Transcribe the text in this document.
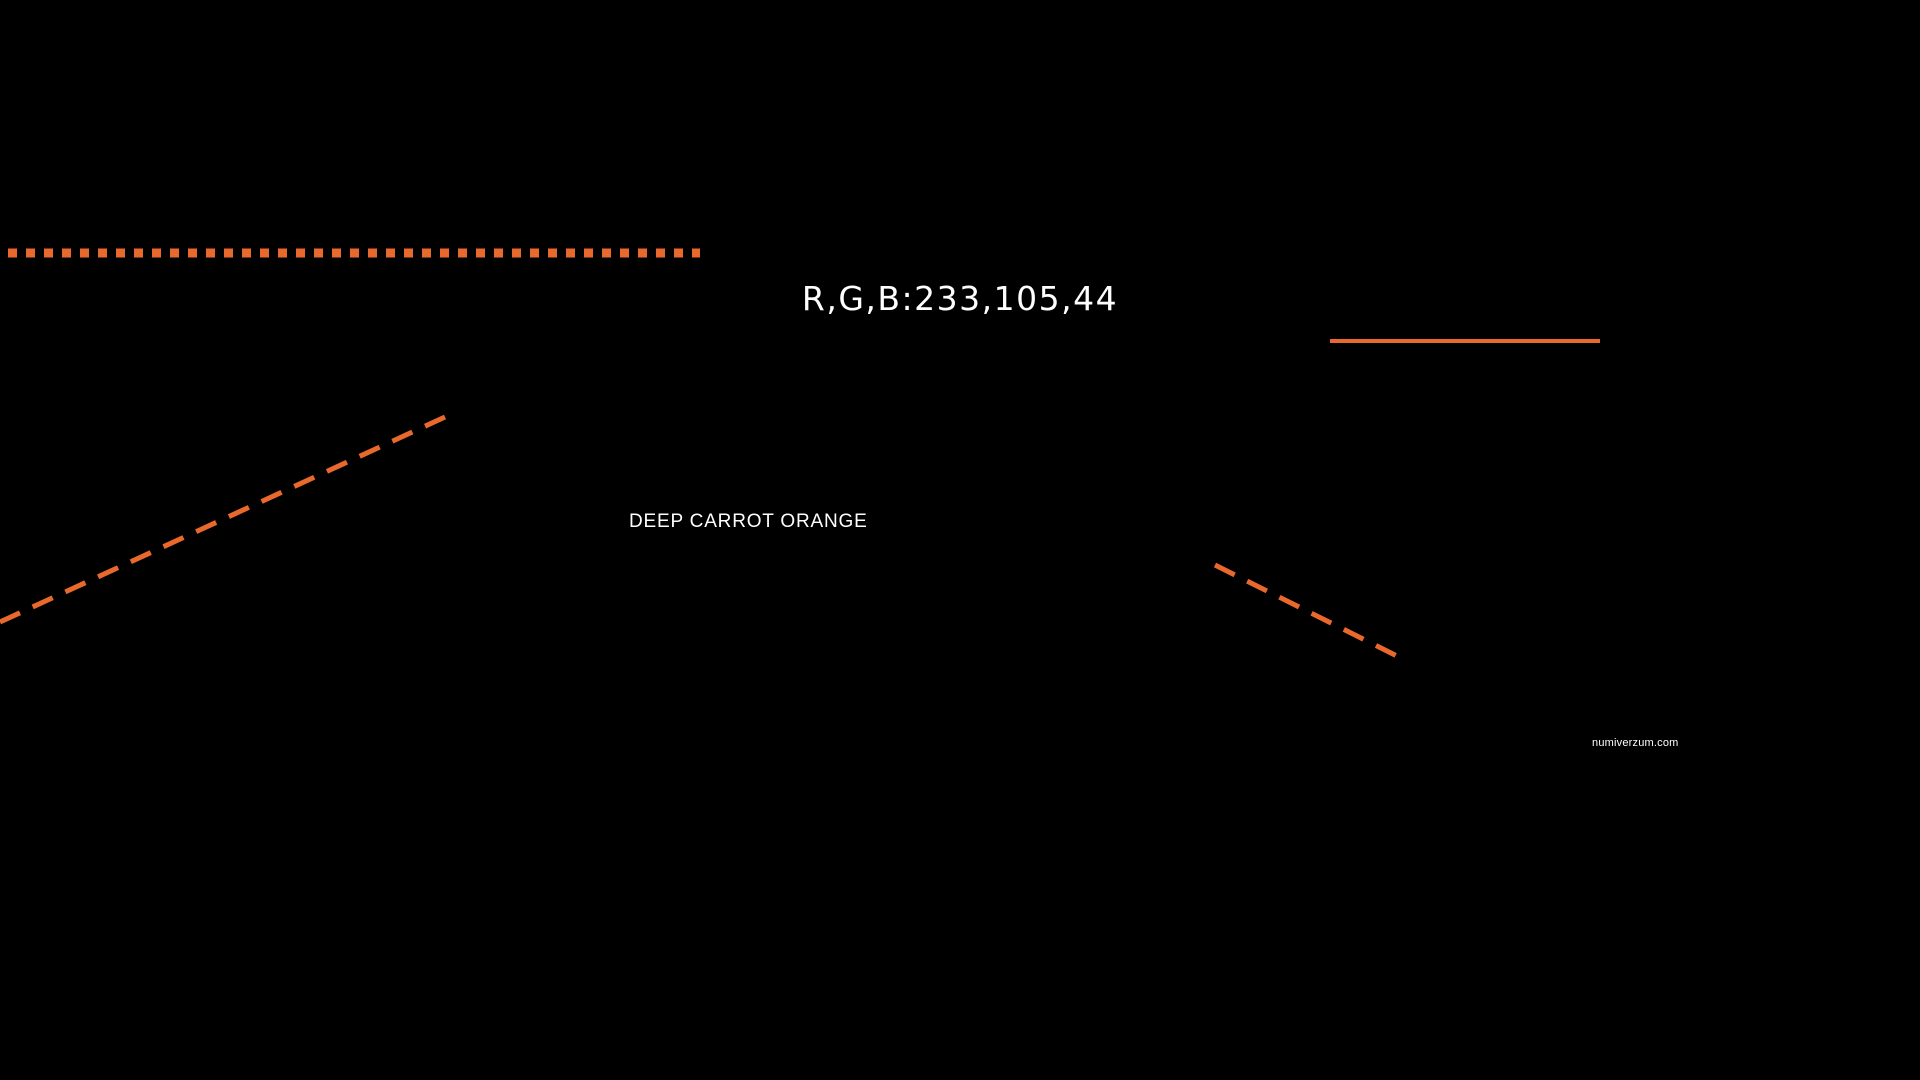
R,G,B:233,105,44
DEEP CARROT ORANGE
numiverzum.com
